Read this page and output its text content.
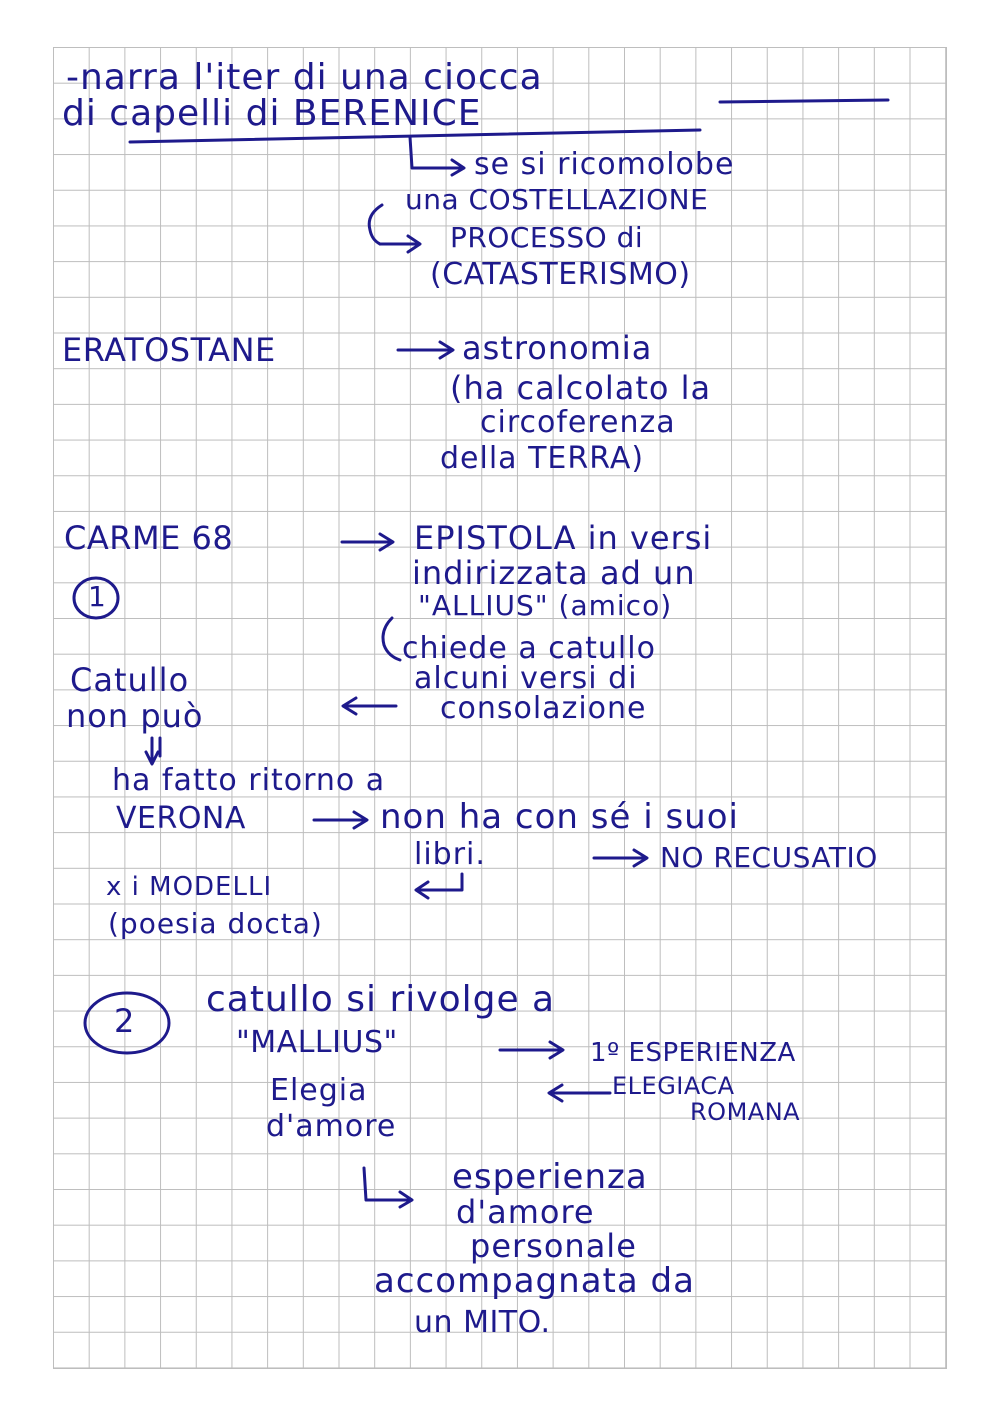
-narra l'iter di una ciocca
di capelli di BERENICE
se si ricomolobe
una COSTELLAZIONE
PROCESSO di
(CATASTERISMO)
ERATOSTANE	astronomia
(ha calcolato la
circoferenza
della TERRA)
CARME 68	EPISTOLA in versi
indirizzata ad un
"ALLIUS" (amico)
1
chiede a catullo
alcuni versi di
consolazione
Catullo
non può
ha fatto ritorno a
VERONA	non ha con sé i suoi
libri.	NO RECUSATIO
x i MODELLI
(poesia docta)
2
catullo si rivolge a
"MALLIUS"	1º ESPERIENZA
ELEGIACA
ROMANA
Elegia
d'amore
esperienza
d'amore
personale
accompagnata da
un MITO.
